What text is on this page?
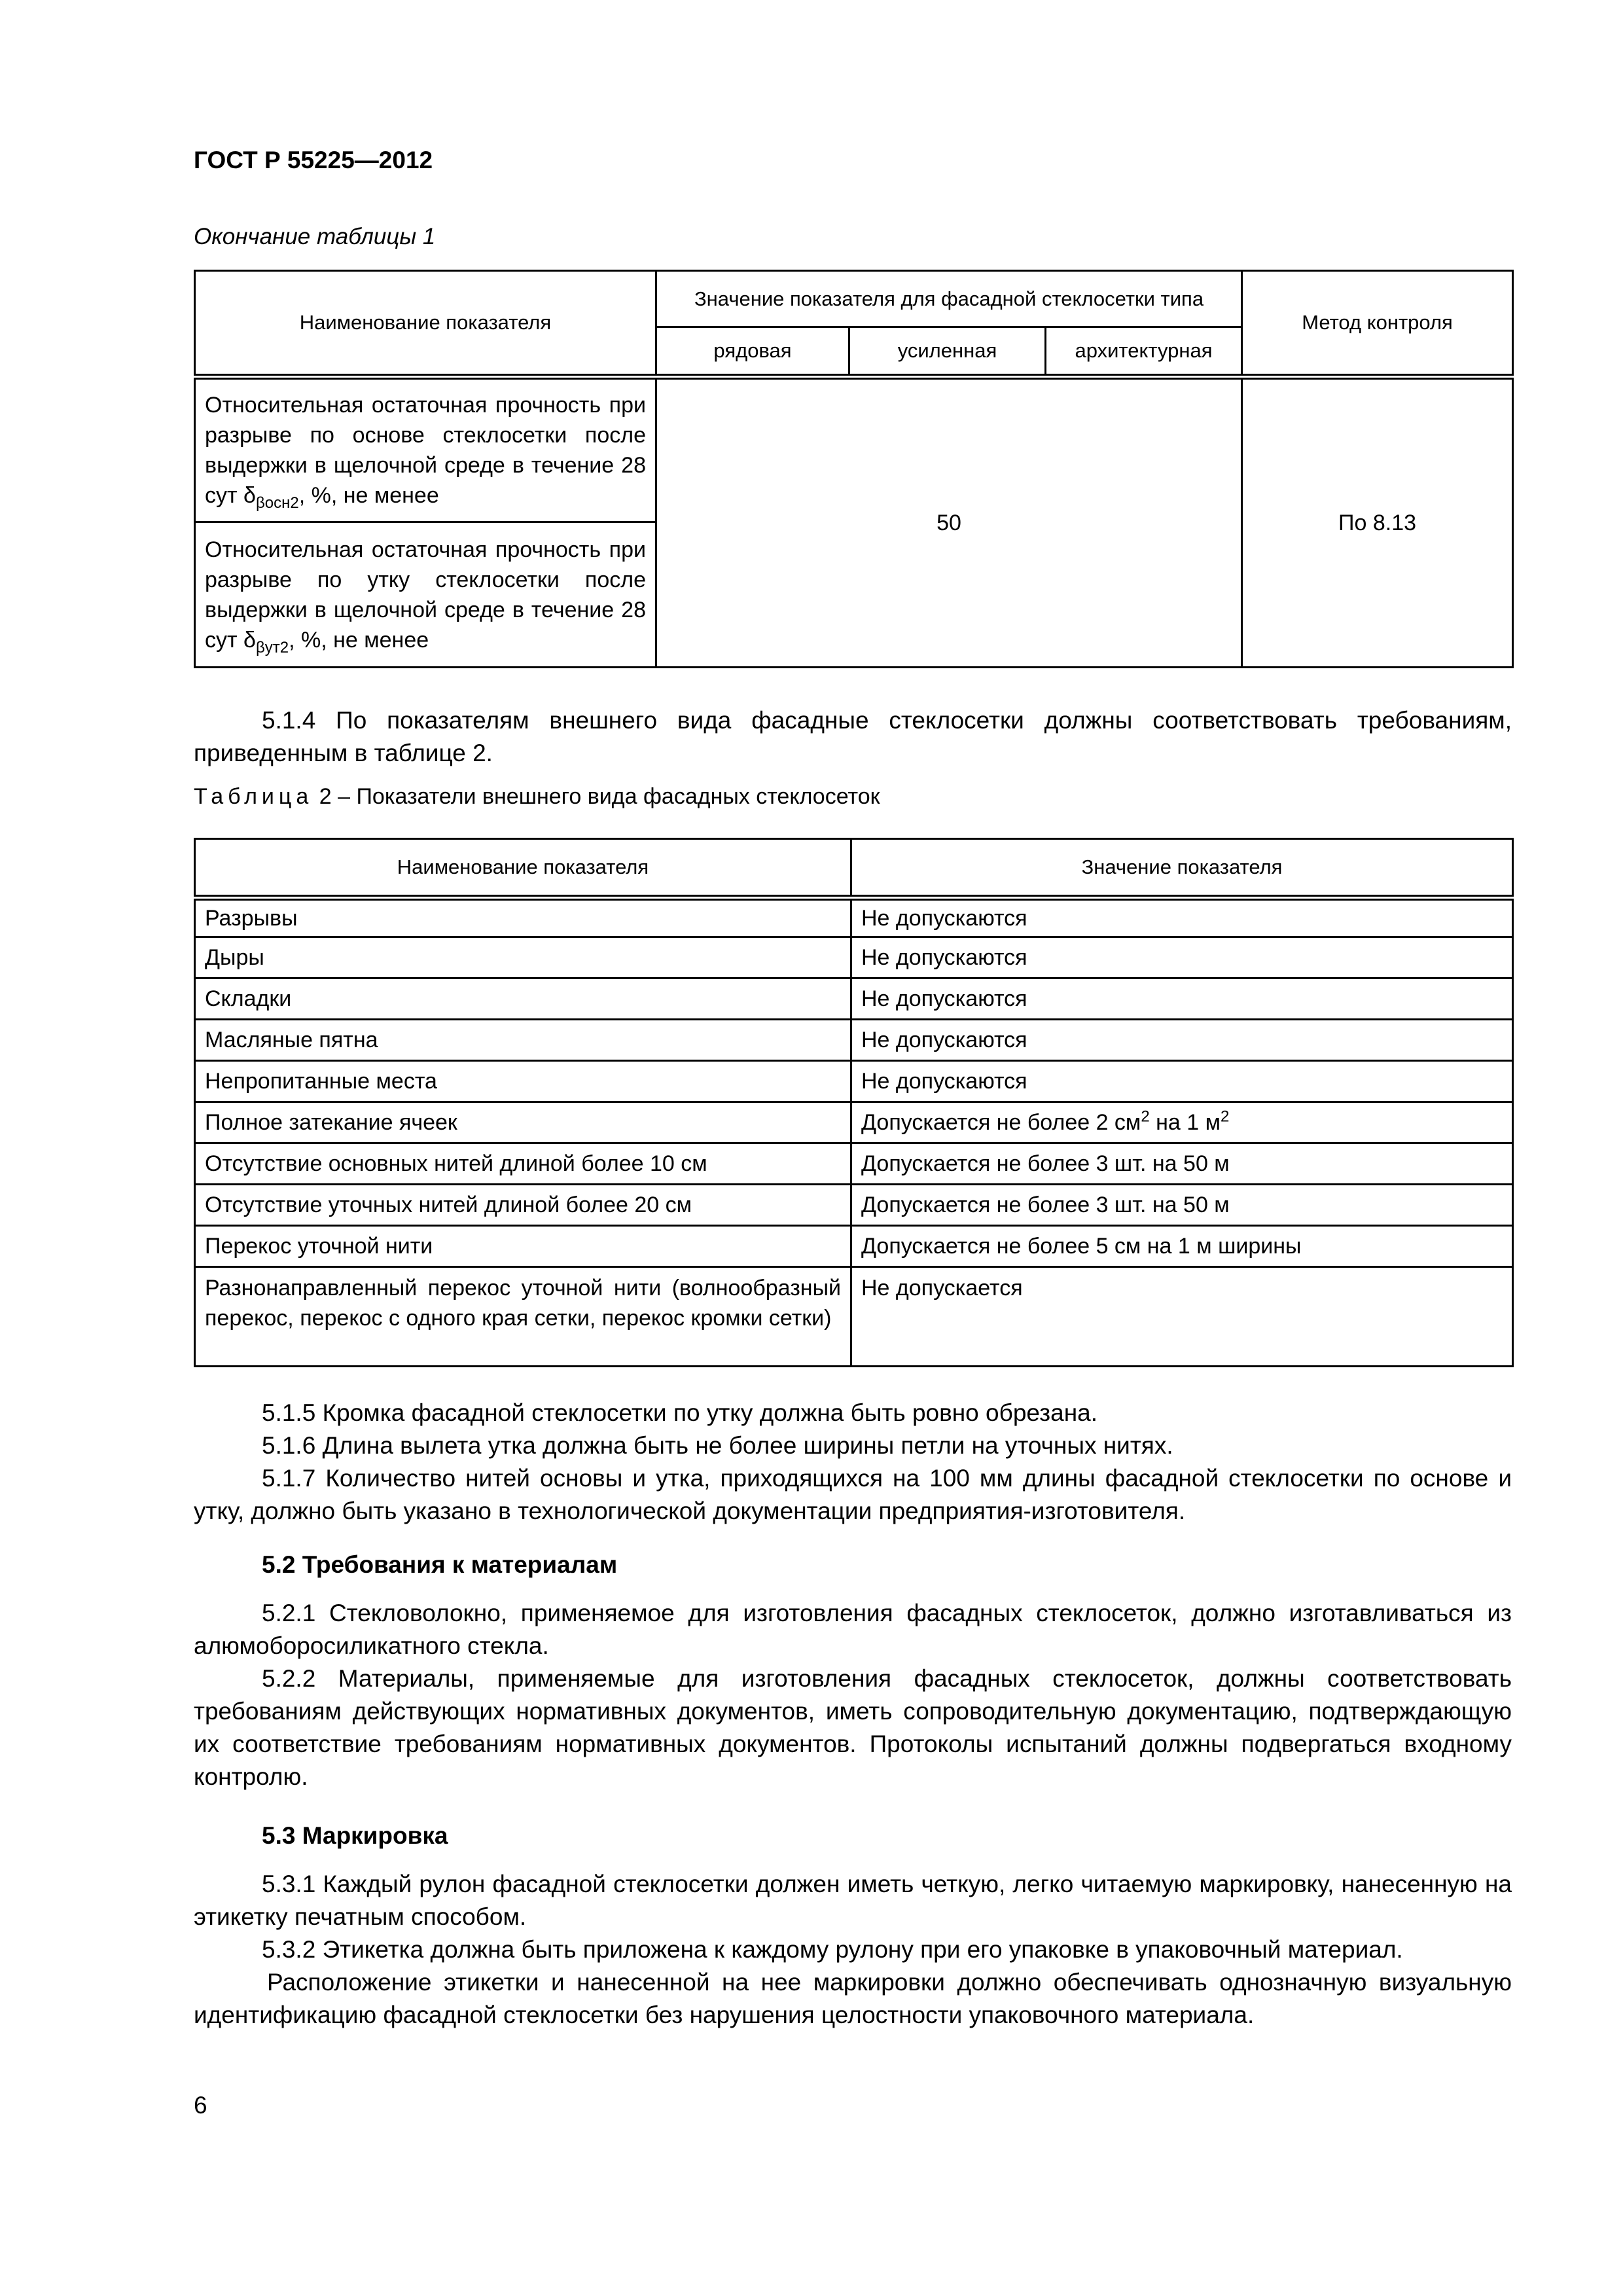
ГОСТ Р 55225—2012
Окончание таблицы 1
Наименование показателя	Значение показателя для фасадной стеклосетки типа			Метод контроля
	рядовая	усиленная	архитектурная	
Относительная остаточная прочность при разрыве по основе стеклосетки после выдержки в щелочной среде в течение 28 сут $\delta_{\beta осн2}$, %, не менее	50			По 8.13
Относительная остаточная прочность при разрыве по утку стеклосетки после выдержки в щелочной среде в течение 28 сут $\delta_{\beta ут2}$, %, не менее				
5.1.4 По показателям внешнего вида фасадные стеклосетки должны соответствовать требованиям, приведенным в таблице 2.
Таблица 2 – Показатели внешнего вида фасадных стеклосеток
Наименование показателя	Значение показателя
Разрывы	Не допускаются
Дыры	Не допускаются
Складки	Не допускаются
Масляные пятна	Не допускаются
Непропитанные места	Не допускаются
Полное затекание ячеек	Допускается не более 2 $см^2$ на 1 $м^2$
Отсутствие основных нитей длиной более 10 см	Допускается не более 3 шт. на 50 м
Отсутствие уточных нитей длиной более 20 см	Допускается не более 3 шт. на 50 м
Перекос уточной нити	Допускается не более 5 см на 1 м ширины
Разнонаправленный перекос уточной нити (волнообразный перекос, перекос с одного края сетки, перекос кромки сетки)	Не допускается
5.1.5 Кромка фасадной стеклосетки по утку должна быть ровно обрезана.
5.1.6 Длина вылета утка должна быть не более ширины петли на уточных нитях.
5.1.7 Количество нитей основы и утка, приходящихся на 100 мм длины фасадной стеклосетки по основе и утку, должно быть указано в технологической документации предприятия-изготовителя.
5.2 Требования к материалам
5.2.1 Стекловолокно, применяемое для изготовления фасадных стеклосеток, должно изготавливаться из алюмоборосиликатного стекла.
5.2.2 Материалы, применяемые для изготовления фасадных стеклосеток, должны соответствовать требованиям действующих нормативных документов, иметь сопроводительную документацию, подтверждающую их соответствие требованиям нормативных документов. Протоколы испытаний должны подвергаться входному контролю.
5.3 Маркировка
5.3.1 Каждый рулон фасадной стеклосетки должен иметь четкую, легко читаемую маркировку, нанесенную на этикетку печатным способом.
5.3.2 Этикетка должна быть приложена к каждому рулону при его упаковке в упаковочный материал.
Расположение этикетки и нанесенной на нее маркировки должно обеспечивать однозначную визуальную идентификацию фасадной стеклосетки без нарушения целостности упаковочного материала.
6
